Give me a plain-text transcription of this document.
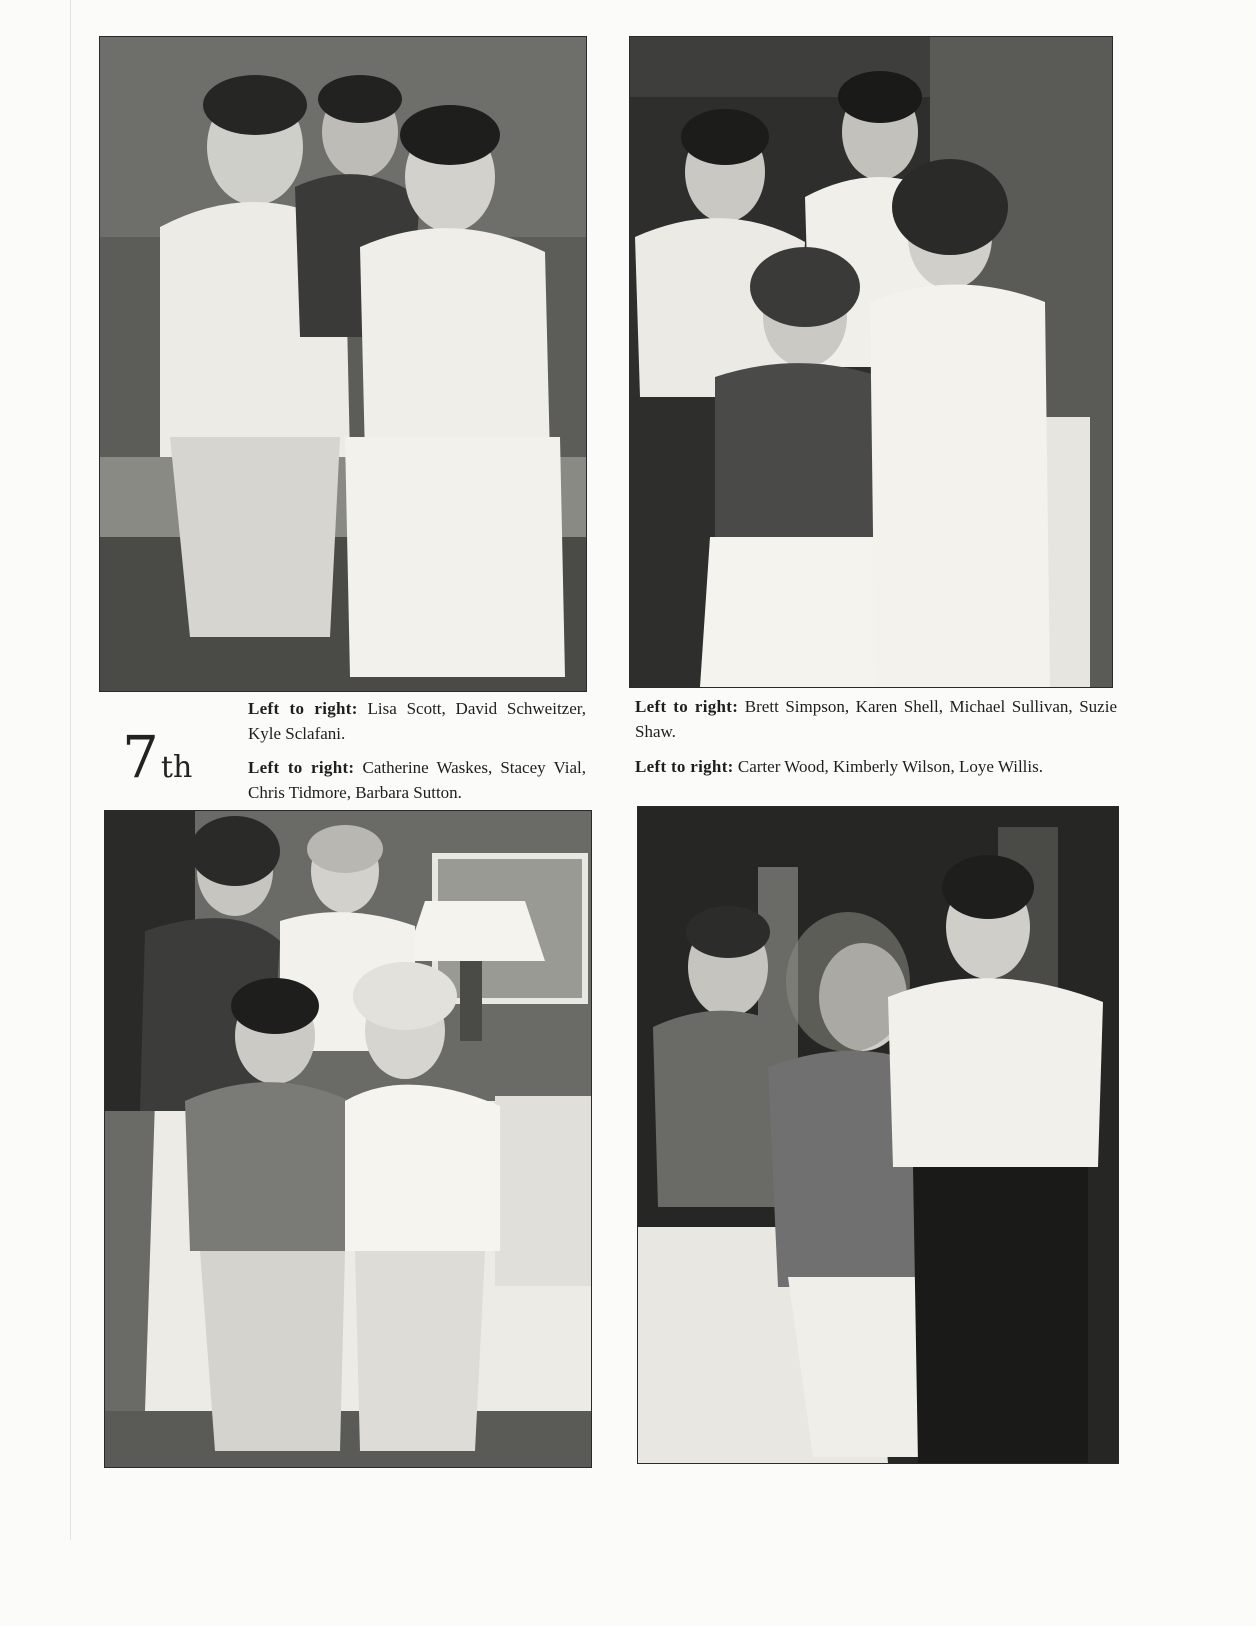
Left to right: Lisa Scott, David Schweitzer, Kyle Sclafani.

7th	Left to right: Catherine Waskes, Stacey Vial, Chris Tidmore, Barbara Sutton.

Left to right: Brett Simpson, Karen Shell, Michael Sullivan, Suzie Shaw.

Left to right: Carter Wood, Kimberly Wilson, Loye Willis.
